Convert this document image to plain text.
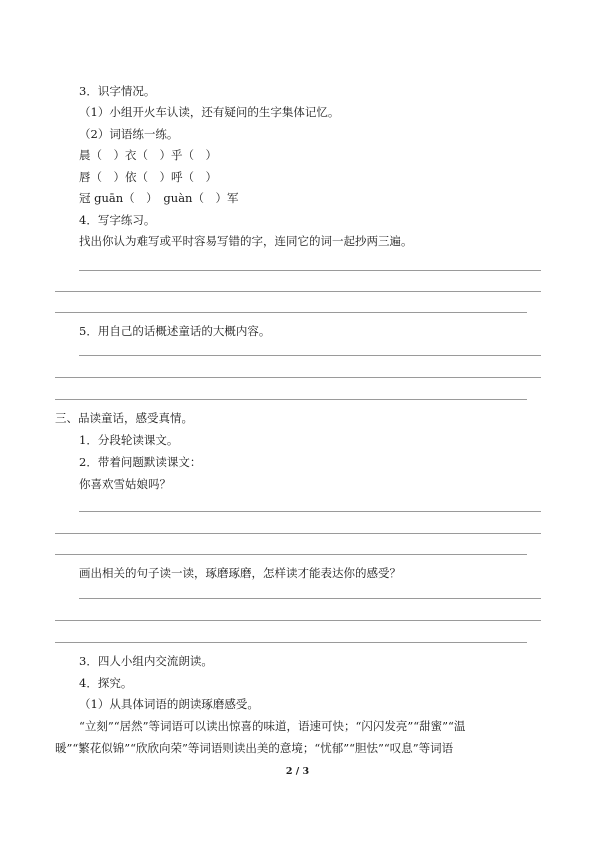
3．识字情况。

（1）小组开火车认读，还有疑问的生字集体记忆。

（2）词语练一练。

晨（　）衣（　）乎（　）

唇（　）依（　）呼（　）

冠 guān（　）　guàn（　）军

4．写字练习。

找出你认为难写或平时容易写错的字，连同它的词一起抄两三遍。

5．用自己的话概述童话的大概内容。

三、品读童话，感受真情。

1．分段轮读课文。

2．带着问题默读课文：

你喜欢雪姑娘吗？

画出相关的句子读一读，琢磨琢磨，怎样读才能表达你的感受？

3．四人小组内交流朗读。

4．探究。

（1）从具体词语的朗读琢磨感受。

“立刻”“居然”等词语可以读出惊喜的味道，语速可快；“闪闪发亮”“甜蜜”“温

暖”“繁花似锦”“欣欣向荣”等词语则读出美的意境；“忧郁”“胆怯”“叹息”等词语

2 / 3
